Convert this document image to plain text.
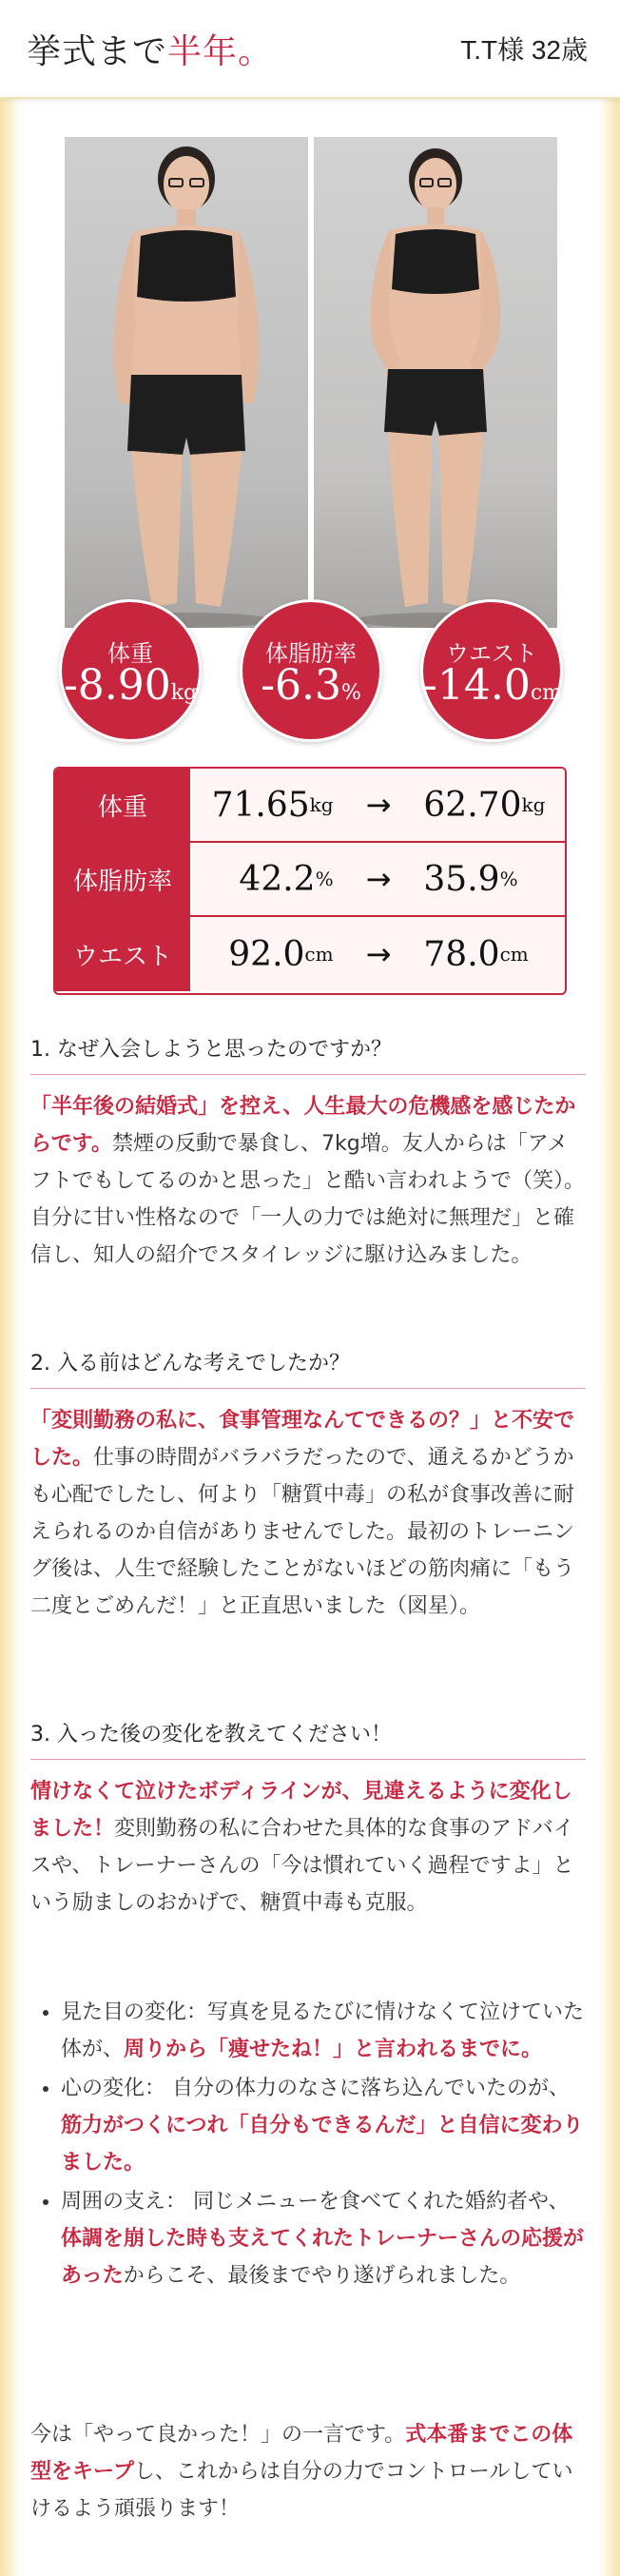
挙式まで半年。	T.T様 32歳
体重
-8.90kg
体脂肪率
-6.3%
ウエスト
-14.0cm
体重	71.65 kg → 62.70 kg
体脂肪率	42.2 % → 35.9 %
ウエスト	92.0 cm → 78.0 cm
1. なぜ入会しようと思ったのですか？

「半年後の結婚式」を控え、人生最大の危機感を感じたからです。禁煙の反動で暴食し、7kg増。友人からは「アメフトでもしてるのかと思った」と酷い言われようで（笑）。自分に甘い性格なので「一人の力では絶対に無理だ」と確信し、知人の紹介でスタイレッジに駆け込みました。

2. 入る前はどんな考えでしたか？

「変則勤務の私に、食事管理なんてできるの？」と不安でした。仕事の時間がバラバラだったので、通えるかどうかも心配でしたし、何より「糖質中毒」の私が食事改善に耐えられるのか自信がありませんでした。最初のトレーニング後は、人生で経験したことがないほどの筋肉痛に「もう二度とごめんだ！」と正直思いました（図星）。

3. 入った後の変化を教えてください！

情けなくて泣けたボディラインが、見違えるように変化しました！変則勤務の私に合わせた具体的な食事のアドバイスや、トレーナーさんの「今は慣れていく過程ですよ」という励ましのおかげで、糖質中毒も克服。

• 見た目の変化：写真を見るたびに情けなくて泣けていた体が、周りから「痩せたね！」と言われるまでに。
• 心の変化： 自分の体力のなさに落ち込んでいたのが、筋力がつくにつれ「自分もできるんだ」と自信に変わりました。
• 周囲の支え： 同じメニューを食べてくれた婚約者や、体調を崩した時も支えてくれたトレーナーさんの応援があったからこそ、最後までやり遂げられました。

今は「やって良かった！」の一言です。式本番までこの体型をキープし、これからは自分の力でコントロールしていけるよう頑張ります！
